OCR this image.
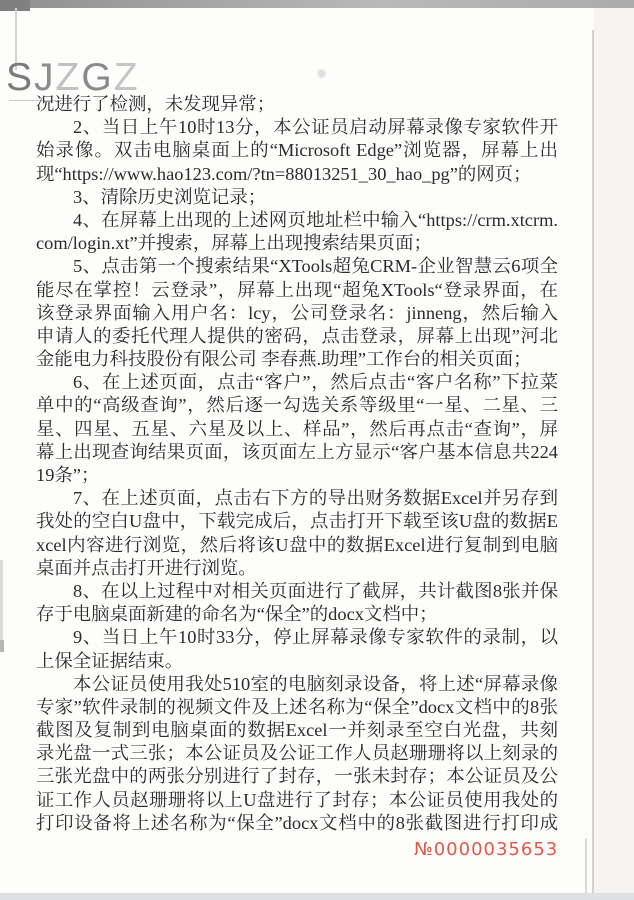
SJZGZ
况进行了检测，未发现异常；
2、当日上午10时13分，本公证员启动屏幕录像专家软件开
始录像。双击电脑桌面上的“Microsoft Edge”浏览器，屏幕上出
现“https://www.hao123.com/?tn=88013251_30_hao_pg”的网页；
3、清除历史浏览记录；
4、在屏幕上出现的上述网页地址栏中输入“https://crm.xtcrm.
com/login.xt”并搜索，屏幕上出现搜索结果页面；
5、点击第一个搜索结果“XTools超兔CRM-企业智慧云6项全
能尽在掌控！云登录”，屏幕上出现“超兔XTools“登录界面，在
该登录界面输入用户名：lcy，公司登录名：jinneng，然后输入
申请人的委托代理人提供的密码，点击登录，屏幕上出现”河北
金能电力科技股份有限公司 李春燕.助理”工作台的相关页面；
6、在上述页面，点击“客户”，然后点击“客户名称”下拉菜
单中的“高级查询”，然后逐一勾选关系等级里“一星、二星、三
星、四星、五星、六星及以上、样品”，然后再点击“查询”，屏
幕上出现查询结果页面，该页面左上方显示“客户基本信息共224
19条”；
7、在上述页面，点击右下方的导出财务数据Excel并另存到
我处的空白U盘中，下载完成后，点击打开下载至该U盘的数据E
xcel内容进行浏览，然后将该U盘中的数据Excel进行复制到电脑
桌面并点击打开进行浏览。
8、在以上过程中对相关页面进行了截屏，共计截图8张并保
存于电脑桌面新建的命名为“保全”的docx文档中；
9、当日上午10时33分，停止屏幕录像专家软件的录制，以
上保全证据结束。
本公证员使用我处510室的电脑刻录设备，将上述“屏幕录像
专家”软件录制的视频文件及上述名称为“保全”docx文档中的8张
截图及复制到电脑桌面的数据Excel一并刻录至空白光盘，共刻
录光盘一式三张；本公证员及公证工作人员赵珊珊将以上刻录的
三张光盘中的两张分别进行了封存，一张未封存；本公证员及公
证工作人员赵珊珊将以上U盘进行了封存；本公证员使用我处的
打印设备将上述名称为“保全”docx文档中的8张截图进行打印成
№0000035653
